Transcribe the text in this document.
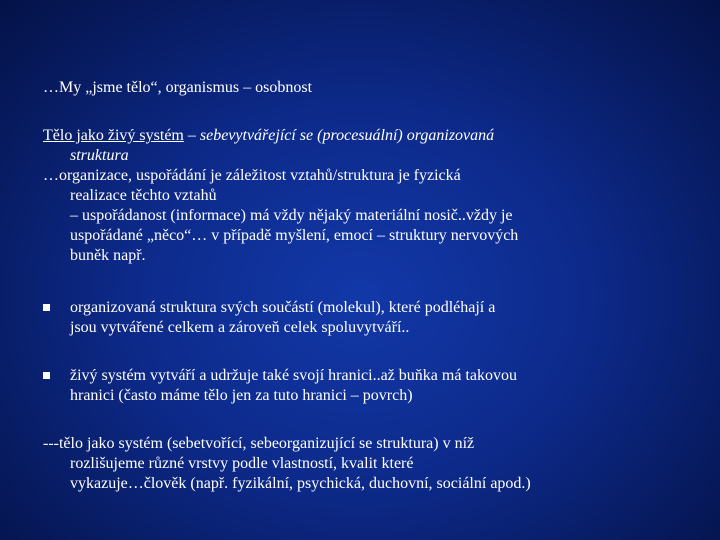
…My „jsme tělo“, organismus – osobnost
Tělo jako živý systém – sebevytvářející se (procesuální) organizovaná
struktura
…organizace, uspořádání je záležitost vztahů/struktura je fyzická
realizace těchto vztahů
– uspořádanost (informace) má vždy nějaký materiální nosič..vždy je
uspořádané „něco“… v případě myšlení, emocí – struktury nervových
buněk např.
organizovaná struktura svých součástí (molekul), které podléhají a
jsou vytvářené celkem a zároveň celek spoluvytváří..
živý systém vytváří a udržuje také svojí hranici..až buňka má takovou
hranici (často máme tělo jen za tuto hranici – povrch)
---tělo jako systém (sebetvořící, sebeorganizující se struktura) v níž
rozlišujeme různé vrstvy podle vlastností, kvalit které
vykazuje…člověk (např. fyzikální, psychická, duchovní, sociální apod.)
